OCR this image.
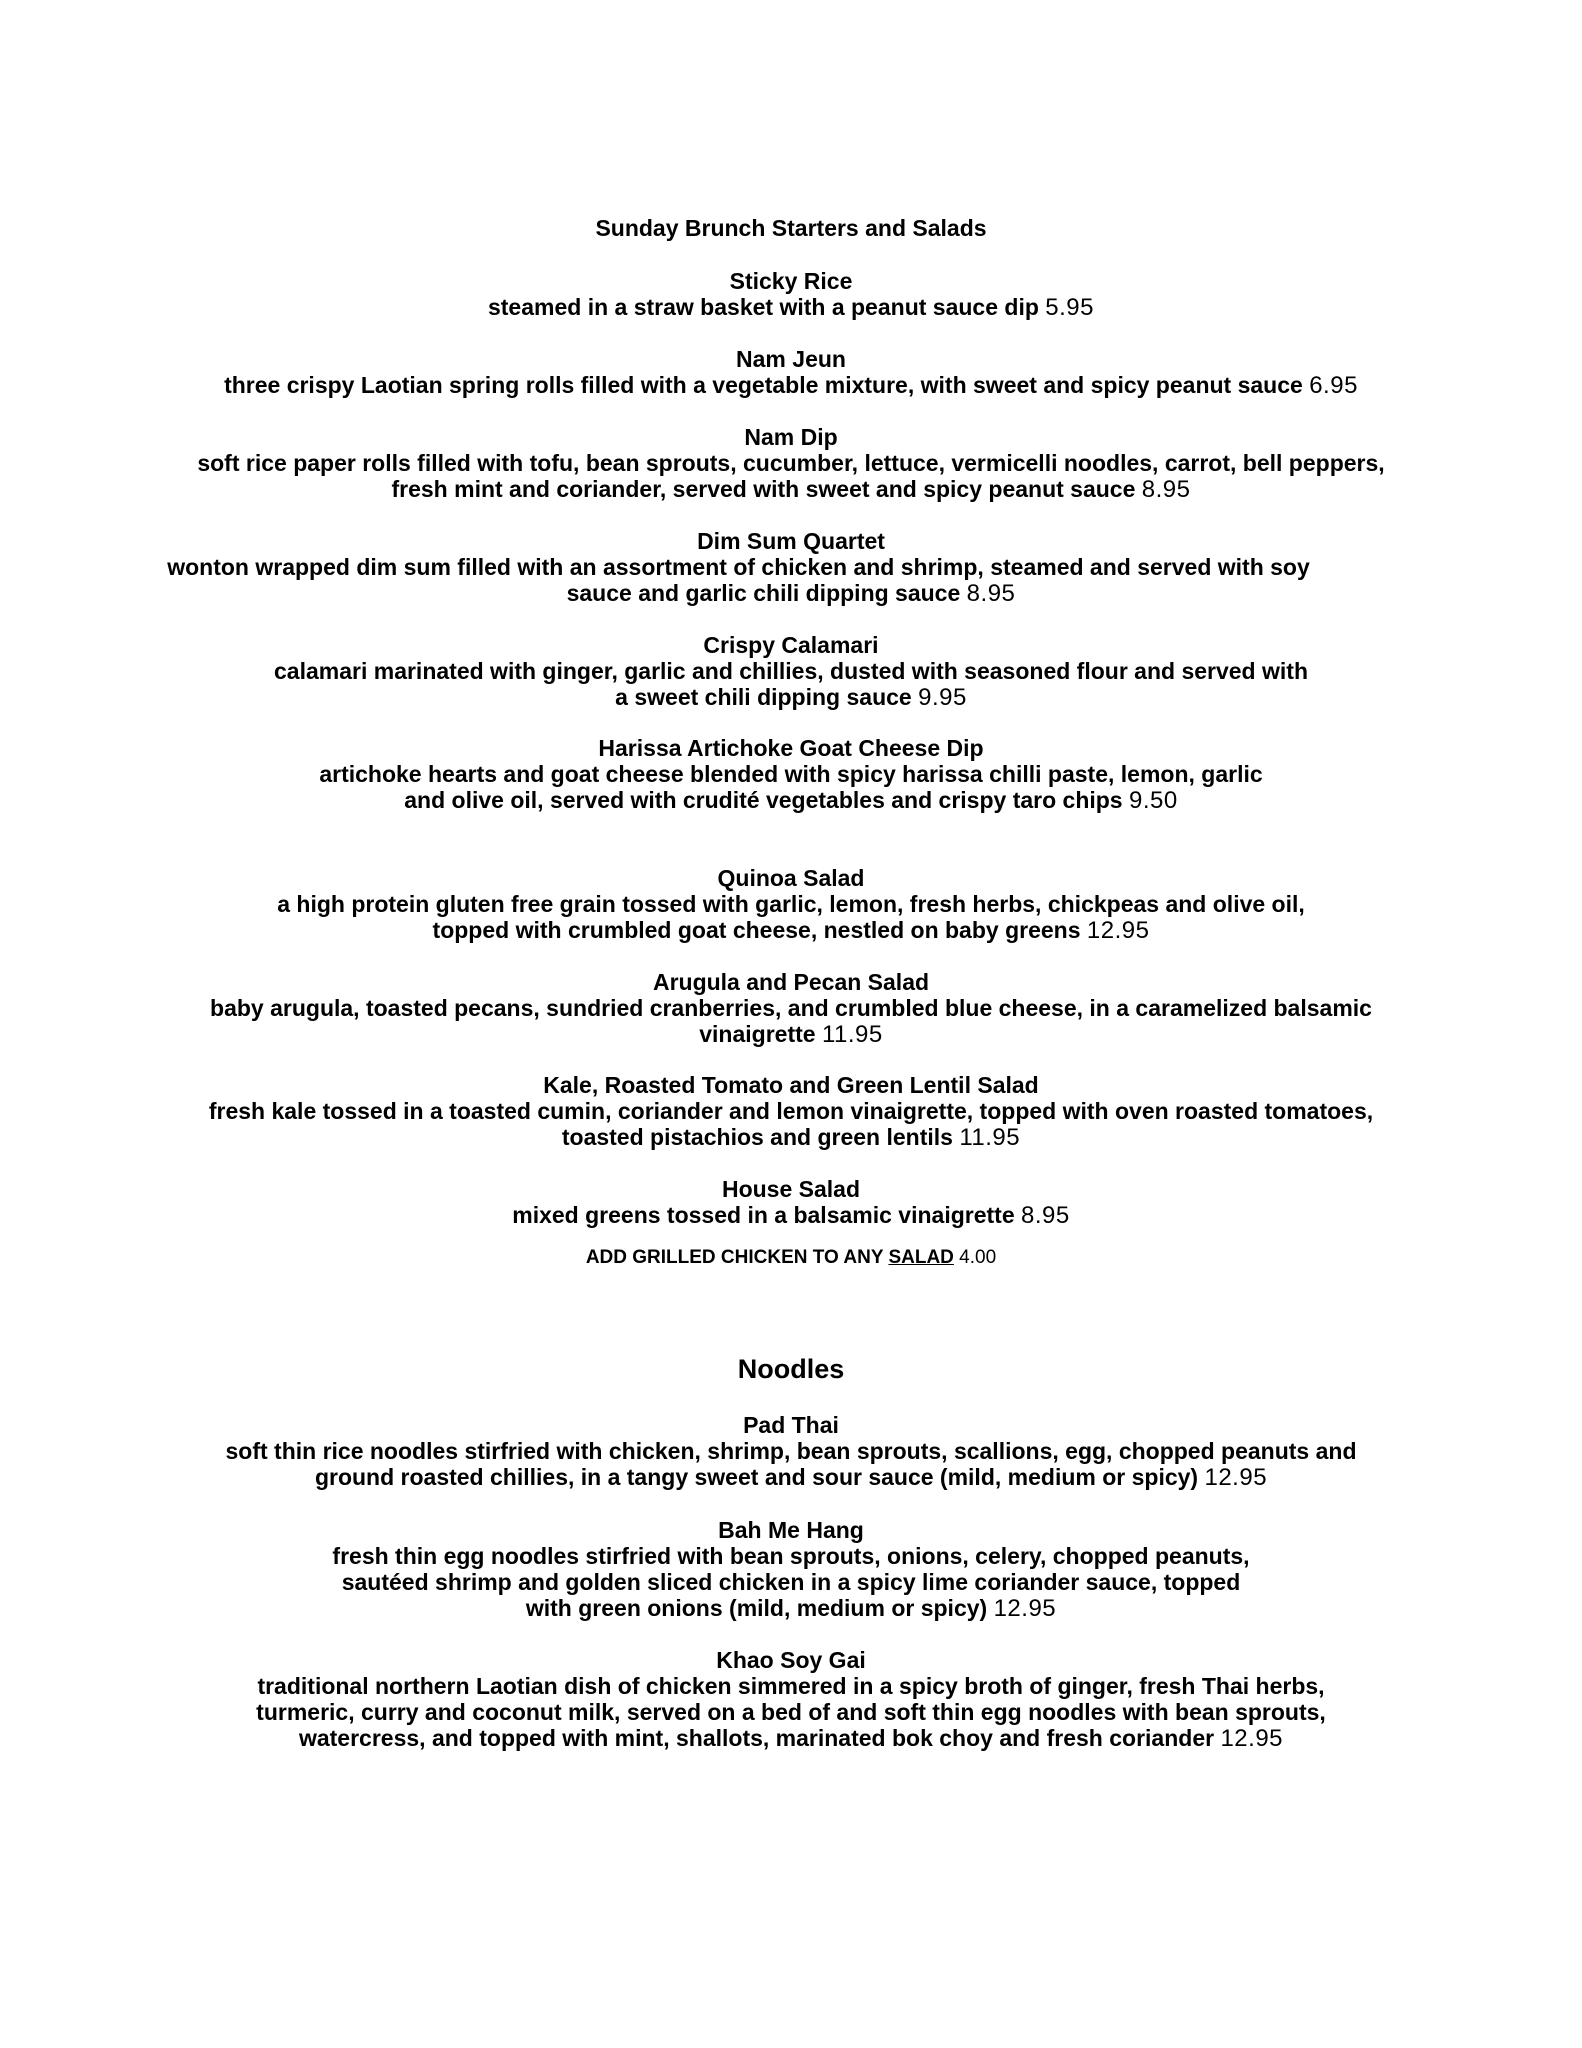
Sunday Brunch Starters and Salads
Sticky Rice
steamed in a straw basket with a peanut sauce dip 5.95
Nam Jeun
three crispy Laotian spring rolls filled with a vegetable mixture, with sweet and spicy peanut sauce 6.95
Nam Dip
soft rice paper rolls filled with tofu, bean sprouts, cucumber, lettuce, vermicelli noodles, carrot, bell peppers,
fresh mint and coriander, served with sweet and spicy peanut sauce 8.95
Dim Sum Quartet
wonton wrapped dim sum filled with an assortment of chicken and shrimp, steamed and served with soy
sauce and garlic chili dipping sauce 8.95
Crispy Calamari
calamari marinated with ginger, garlic and chillies, dusted with seasoned flour and served with
a sweet chili dipping sauce 9.95
Harissa Artichoke Goat Cheese Dip
artichoke hearts and goat cheese blended with spicy harissa chilli paste, lemon, garlic
and olive oil, served with crudité vegetables and crispy taro chips 9.50
Quinoa Salad
a high protein gluten free grain tossed with garlic, lemon, fresh herbs, chickpeas and olive oil,
topped with crumbled goat cheese, nestled on baby greens 12.95
Arugula and Pecan Salad
baby arugula, toasted pecans, sundried cranberries, and crumbled blue cheese, in a caramelized balsamic
vinaigrette 11.95
Kale, Roasted Tomato and Green Lentil Salad
fresh kale tossed in a toasted cumin, coriander and lemon vinaigrette, topped with oven roasted tomatoes,
toasted pistachios and green lentils 11.95
House Salad
mixed greens tossed in a balsamic vinaigrette 8.95
ADD GRILLED CHICKEN TO ANY SALAD 4.00
Noodles
Pad Thai
soft thin rice noodles stirfried with chicken, shrimp, bean sprouts, scallions, egg, chopped peanuts and
ground roasted chillies, in a tangy sweet and sour sauce (mild, medium or spicy) 12.95
Bah Me Hang
fresh thin egg noodles stirfried with bean sprouts, onions, celery, chopped peanuts,
sautéed shrimp and golden sliced chicken in a spicy lime coriander sauce, topped
with green onions (mild, medium or spicy) 12.95
Khao Soy Gai
traditional northern Laotian dish of chicken simmered in a spicy broth of ginger, fresh Thai herbs,
turmeric, curry and coconut milk, served on a bed of and soft thin egg noodles with bean sprouts,
watercress, and topped with mint, shallots, marinated bok choy and fresh coriander 12.95
